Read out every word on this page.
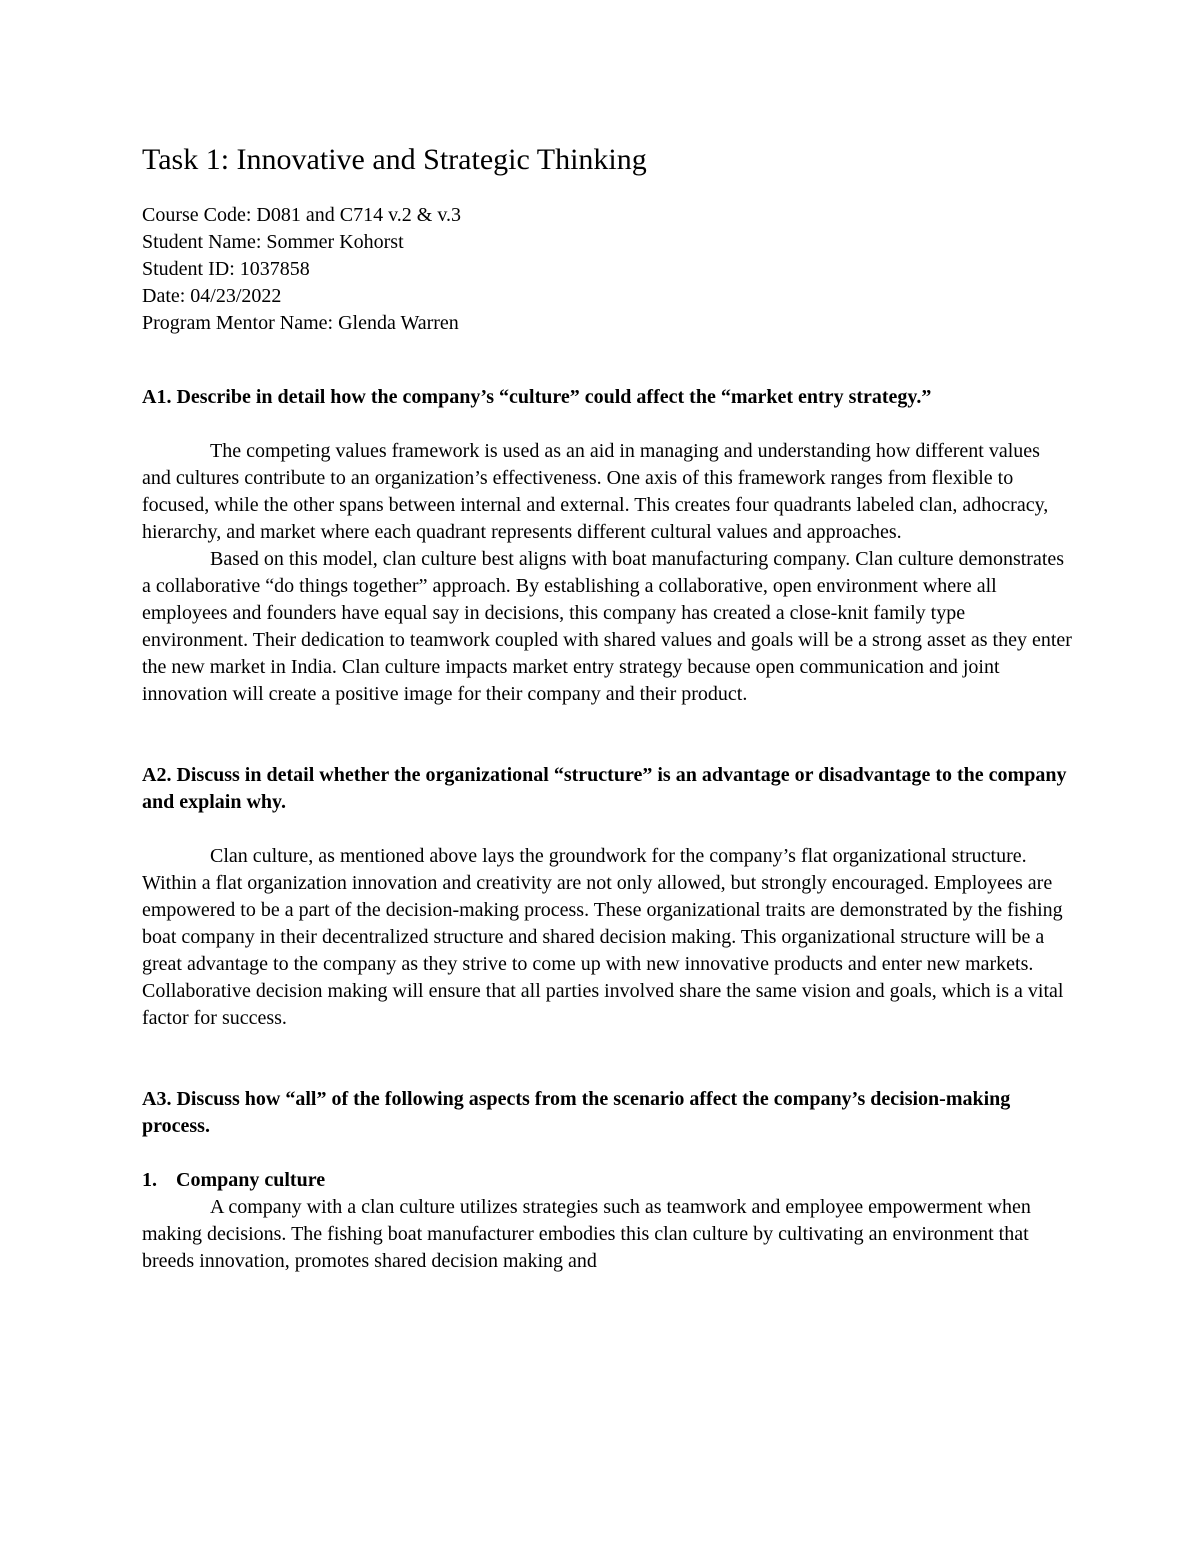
Task 1: Innovative and Strategic Thinking
Course Code: D081 and C714 v.2 & v.3
Student Name: Sommer Kohorst
Student ID: 1037858
Date: 04/23/2022
Program Mentor Name: Glenda Warren

A1. Describe in detail how the company’s “culture” could affect the “market entry strategy.”

The competing values framework is used as an aid in managing and understanding how different values and cultures contribute to an organization’s effectiveness. One axis of this framework ranges from flexible to focused, while the other spans between internal and external. This creates four quadrants labeled clan, adhocracy, hierarchy, and market where each quadrant represents different cultural values and approaches.

Based on this model, clan culture best aligns with boat manufacturing company. Clan culture demonstrates a collaborative “do things together” approach. By establishing a collaborative, open environment where all employees and founders have equal say in decisions, this company has created a close-knit family type environment. Their dedication to teamwork coupled with shared values and goals will be a strong asset as they enter the new market in India. Clan culture impacts market entry strategy because open communication and joint innovation will create a positive image for their company and their product.

A2. Discuss in detail whether the organizational “structure” is an advantage or disadvantage to the company and explain why.

Clan culture, as mentioned above lays the groundwork for the company’s flat organizational structure. Within a flat organization innovation and creativity are not only allowed, but strongly encouraged. Employees are empowered to be a part of the decision-making process. These organizational traits are demonstrated by the fishing boat company in their decentralized structure and shared decision making. This organizational structure will be a great advantage to the company as they strive to come up with new innovative products and enter new markets. Collaborative decision making will ensure that all parties involved share the same vision and goals, which is a vital factor for success.

A3. Discuss how “all” of the following aspects from the scenario affect the company’s decision-making process.

1. Company culture

A company with a clan culture utilizes strategies such as teamwork and employee empowerment when making decisions. The fishing boat manufacturer embodies this clan culture by cultivating an environment that breeds innovation, promotes shared decision making and
